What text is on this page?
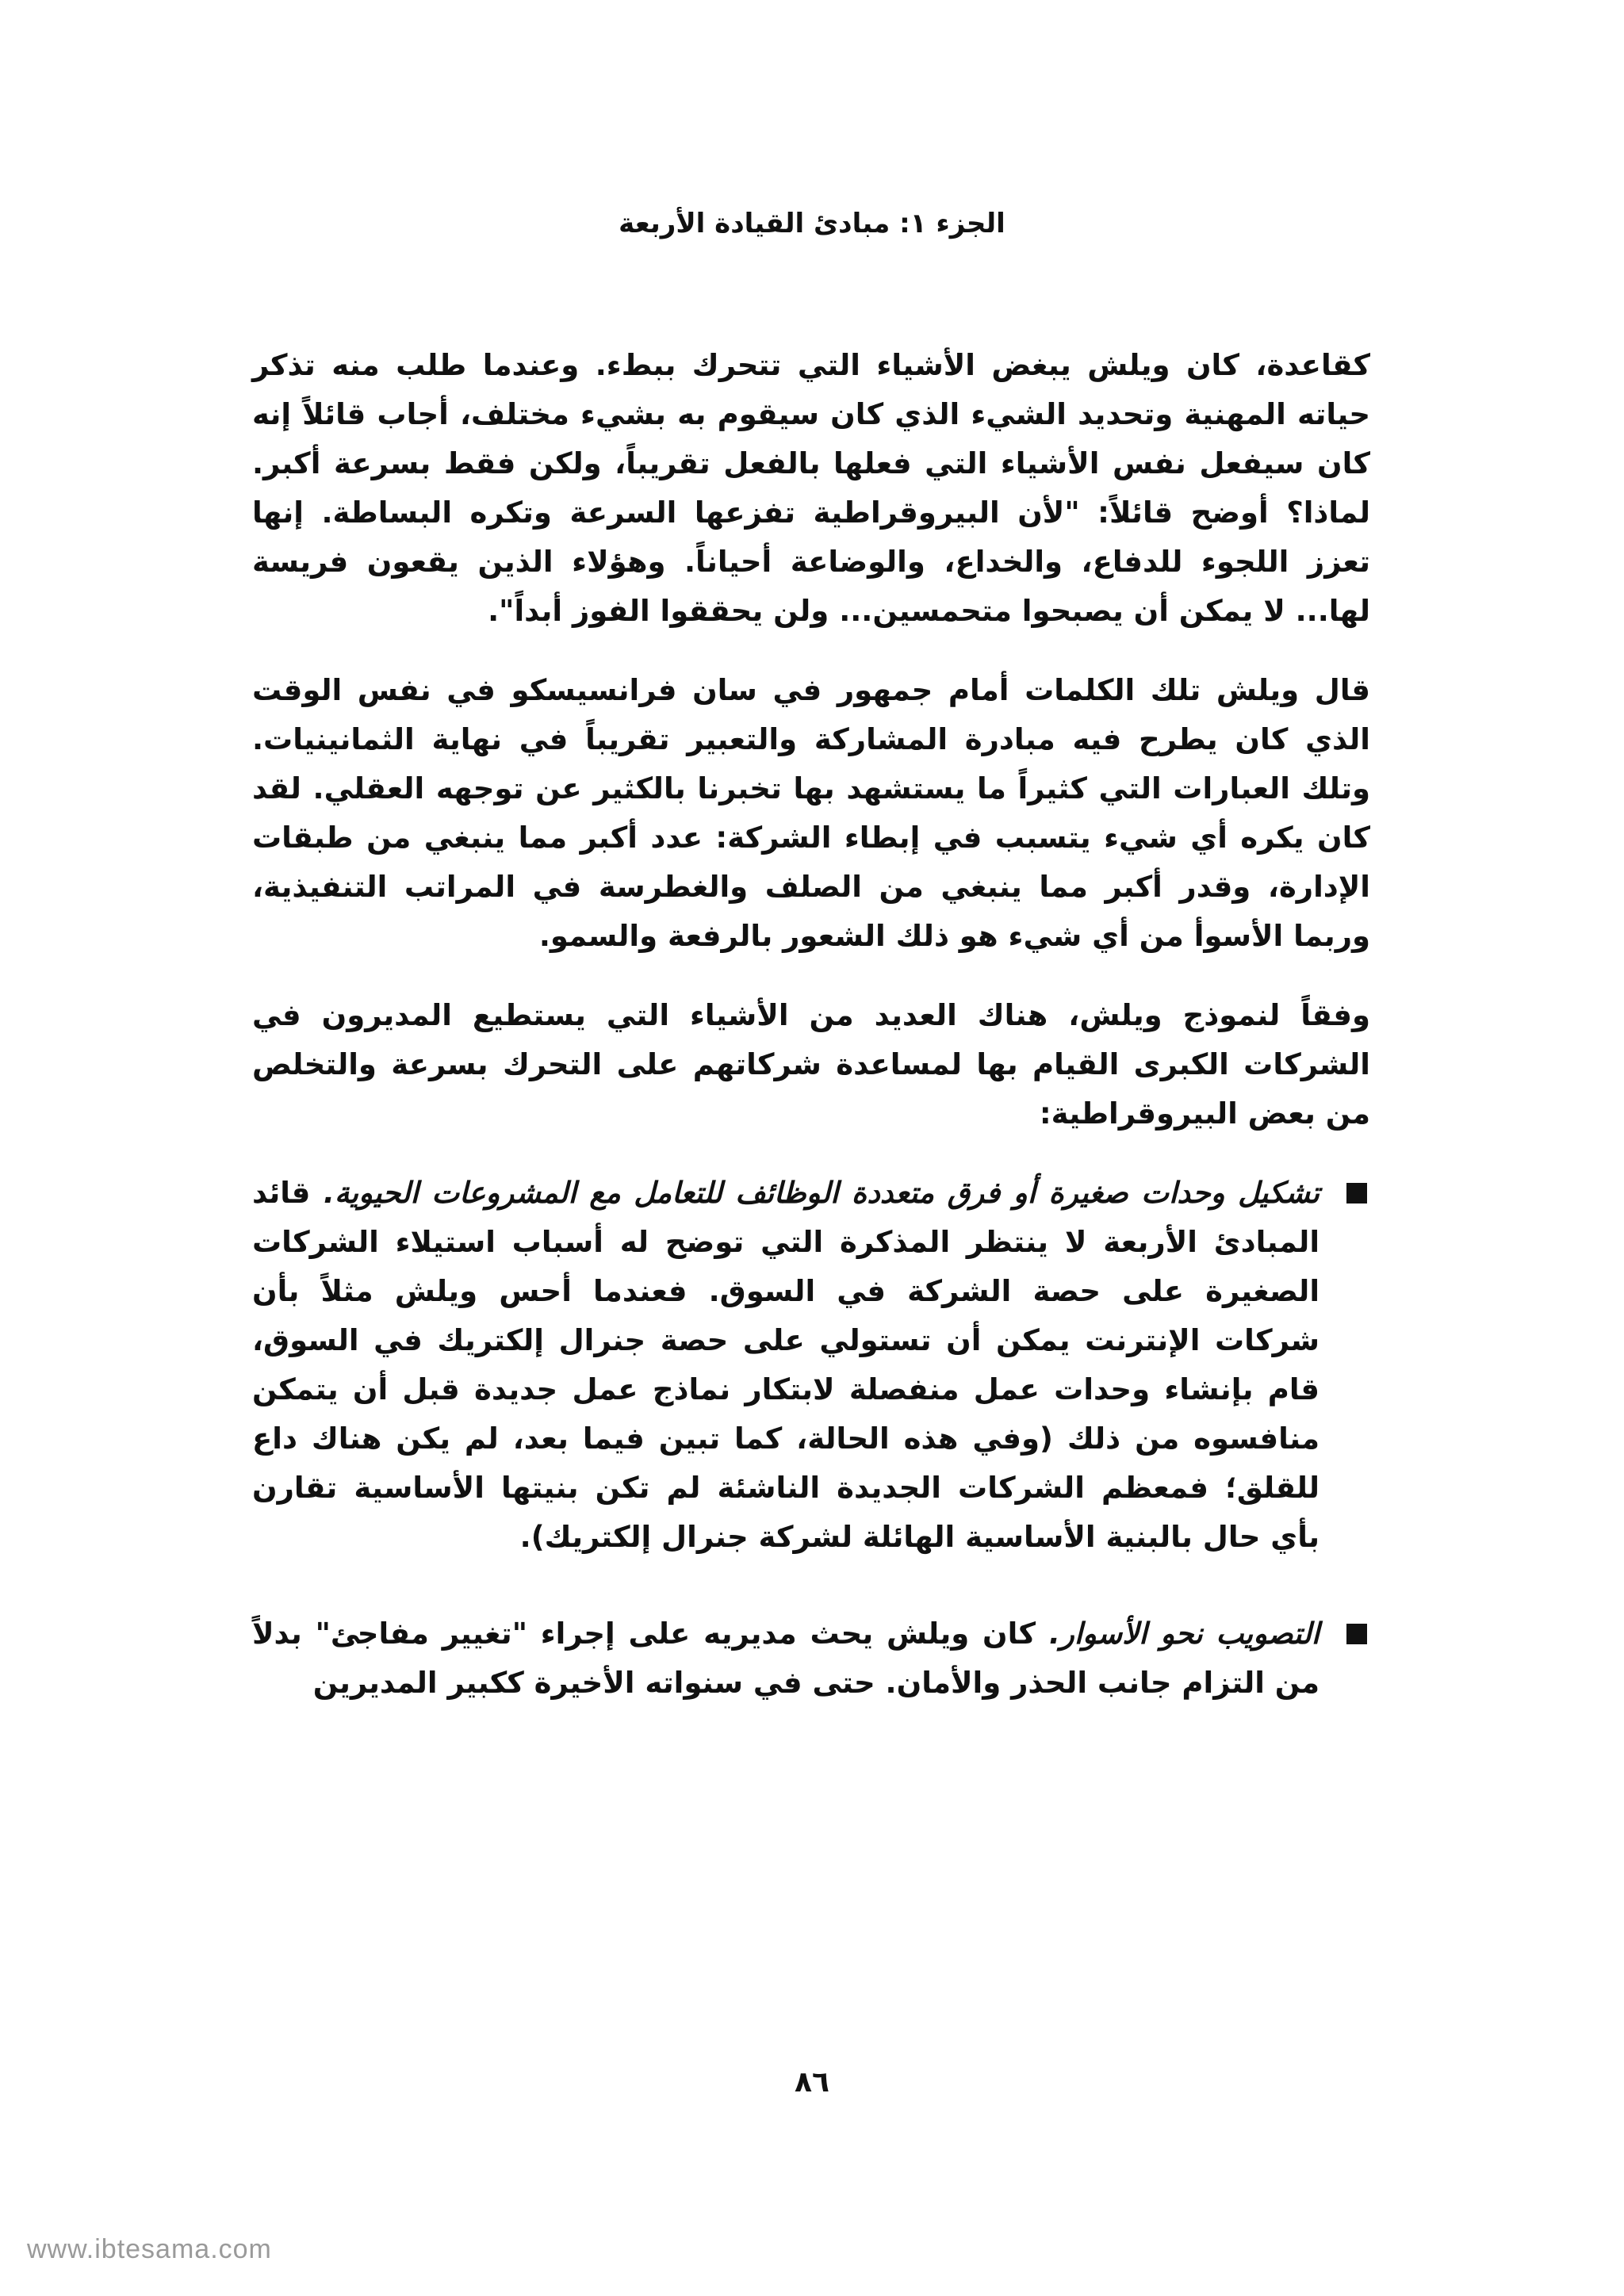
الجزء ١: مبادئ القيادة الأربعة

كقاعدة، كان ويلش يبغض الأشياء التي تتحرك ببطء. وعندما طلب منه تذكر حياته المهنية وتحديد الشيء الذي كان سيقوم به بشيء مختلف، أجاب قائلاً إنه كان سيفعل نفس الأشياء التي فعلها بالفعل تقريباً، ولكن فقط بسرعة أكبر. لماذا؟ أوضح قائلاً: "لأن البيروقراطية تفزعها السرعة وتكره البساطة. إنها تعزز اللجوء للدفاع، والخداع، والوضاعة أحياناً. وهؤلاء الذين يقعون فريسة لها... لا يمكن أن يصبحوا متحمسين... ولن يحققوا الفوز أبداً".

قال ويلش تلك الكلمات أمام جمهور في سان فرانسيسكو في نفس الوقت الذي كان يطرح فيه مبادرة المشاركة والتعبير تقريباً في نهاية الثمانينيات. وتلك العبارات التي كثيراً ما يستشهد بها تخبرنا بالكثير عن توجهه العقلي. لقد كان يكره أي شيء يتسبب في إبطاء الشركة: عدد أكبر مما ينبغي من طبقات الإدارة، وقدر أكبر مما ينبغي من الصلف والغطرسة في المراتب التنفيذية، وربما الأسوأ من أي شيء هو ذلك الشعور بالرفعة والسمو.

وفقاً لنموذج ويلش، هناك العديد من الأشياء التي يستطيع المديرون في الشركات الكبرى القيام بها لمساعدة شركاتهم على التحرك بسرعة والتخلص من بعض البيروقراطية:

تشكيل وحدات صغيرة أو فرق متعددة الوظائف للتعامل مع المشروعات الحيوية. قائد المبادئ الأربعة لا ينتظر المذكرة التي توضح له أسباب استيلاء الشركات الصغيرة على حصة الشركة في السوق. فعندما أحس ويلش مثلاً بأن شركات الإنترنت يمكن أن تستولي على حصة جنرال إلكتريك في السوق، قام بإنشاء وحدات عمل منفصلة لابتكار نماذج عمل جديدة قبل أن يتمكن منافسوه من ذلك (وفي هذه الحالة، كما تبين فيما بعد، لم يكن هناك داع للقلق؛ فمعظم الشركات الجديدة الناشئة لم تكن بنيتها الأساسية تقارن بأي حال بالبنية الأساسية الهائلة لشركة جنرال إلكتريك).
التصويب نحو الأسوار. كان ويلش يحث مديريه على إجراء "تغيير مفاجئ" بدلاً من التزام جانب الحذر والأمان. حتى في سنواته الأخيرة ككبير المديرين
٨٦
www.ibtesama.com
